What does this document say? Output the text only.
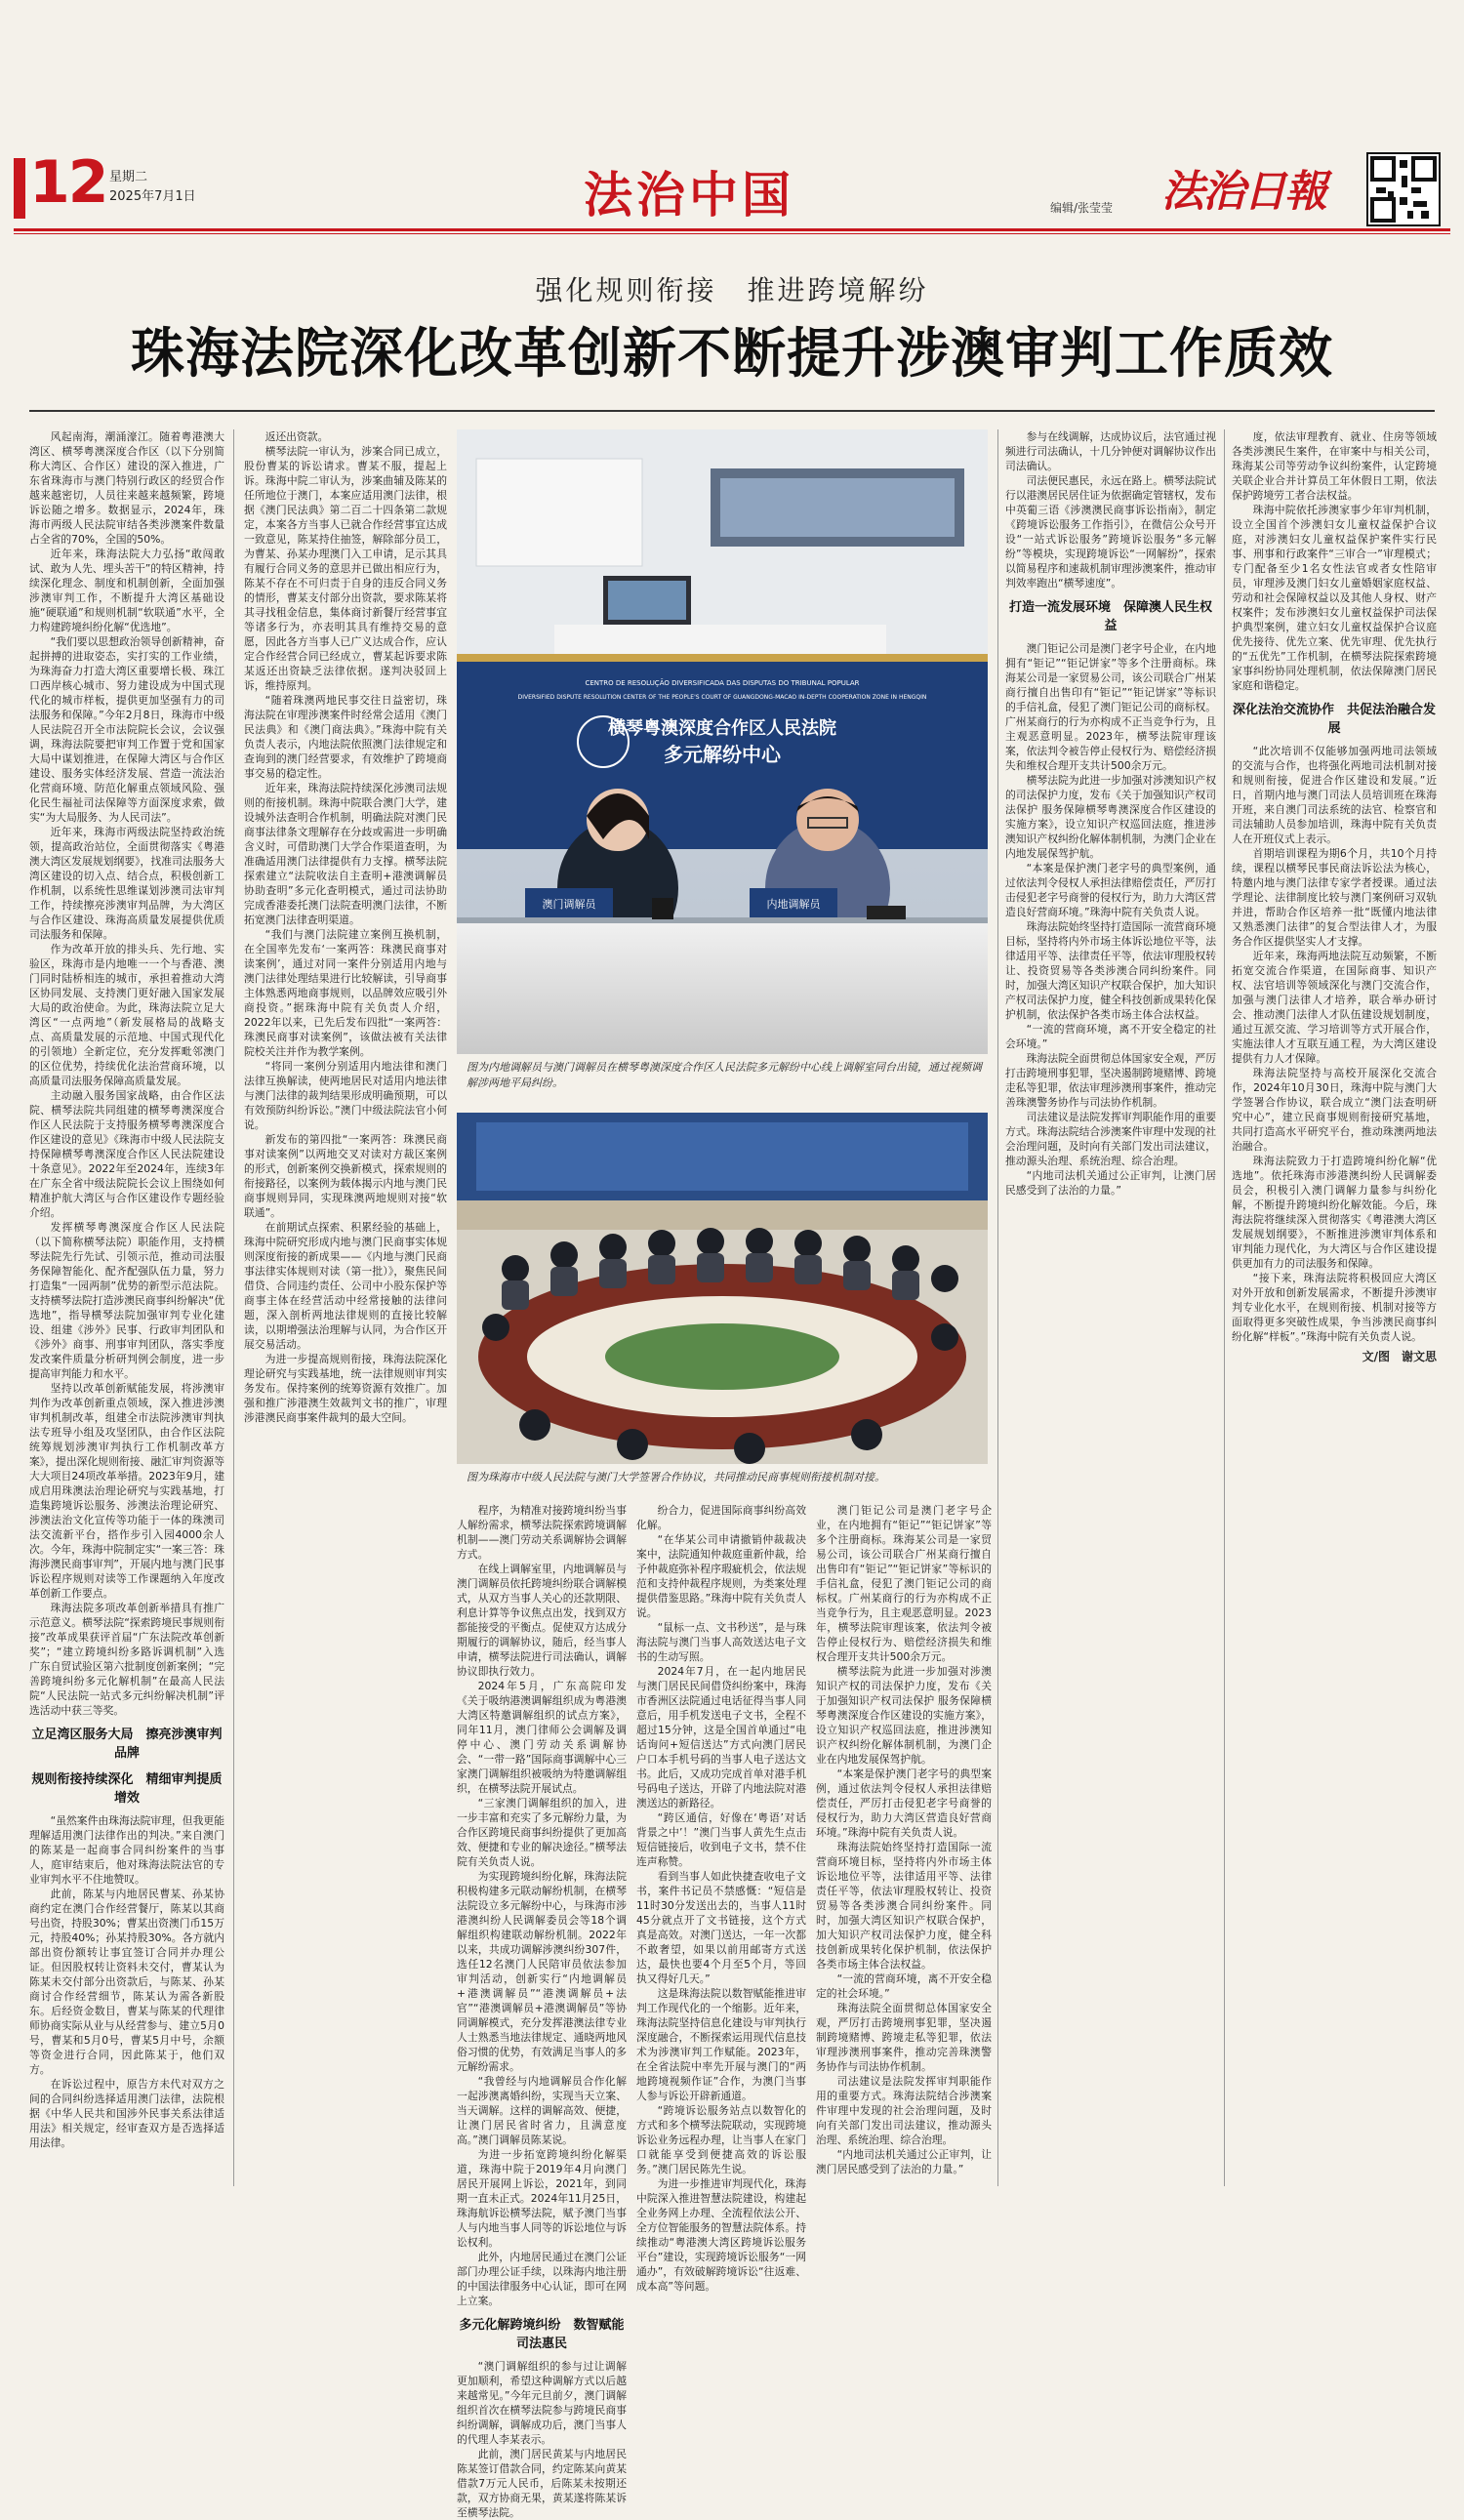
12 星期二
2025年7月1日	法治中国	法治日報
编辑/张莹莹
强化规则衔接　推进跨境解纷
珠海法院深化改革创新不断提升涉澳审判工作质效

风起南海，潮涌濠江。随着粤港澳大湾区、横琴粤澳深度合作区（以下分别简称大湾区、合作区）建设的深入推进，广东省珠海市与澳门特别行政区的经贸合作越来越密切，人员往来越来越频繁，跨境诉讼随之增多。数据显示，2024年，珠海市两级人民法院审结各类涉澳案件数量占全省的70%，全国的50%。

近年来，珠海法院大力弘扬“敢闯敢试、敢为人先、埋头苦干”的特区精神，持续深化理念、制度和机制创新，全面加强涉澳审判工作，不断提升大湾区基础设施“硬联通”和规则机制“软联通”水平，全力构建跨境纠纷化解“优选地”。

“我们要以思想政治领导创新精神，奋起拼搏的进取姿态，实打实的工作业绩，为珠海奋力打造大湾区重要增长极、珠江口西岸核心城市、努力建设成为中国式现代化的城市样板，提供更加坚强有力的司法服务和保障。”今年2月8日，珠海市中级人民法院召开全市法院院长会议，会议强调，珠海法院要把审判工作置于党和国家大局中谋划推进，在保障大湾区与合作区建设、服务实体经济发展、营造一流法治化营商环境、防范化解重点领域风险、强化民生福祉司法保障等方面深度求索，做实“为大局服务、为人民司法”。

近年来，珠海市两级法院坚持政治统领，提高政治站位，全面贯彻落实《粤港澳大湾区发展规划纲要》，找准司法服务大湾区建设的切入点、结合点，积极创新工作机制，以系统性思维谋划涉澳司法审判工作，持续擦亮涉澳审判品牌，为大湾区与合作区建设、珠海高质量发展提供优质司法服务和保障。

作为改革开放的排头兵、先行地、实验区，珠海市是内地唯一一个与香港、澳门同时陆桥相连的城市，承担着推动大湾区协同发展、支持澳门更好融入国家发展大局的政治使命。为此，珠海法院立足大湾区“一点两地”（新发展格局的战略支点、高质量发展的示范地、中国式现代化的引领地）全新定位，充分发挥毗邻澳门的区位优势，持续优化法治营商环境，以高质量司法服务保障高质量发展。

主动融入服务国家战略，由合作区法院、横琴法院共同组建的横琴粤澳深度合作区人民法院于支持服务横琴粤澳深度合作区建设的意见》《珠海市中级人民法院支持保障横琴粤澳深度合作区人民法院建设十条意见》。2022年至2024年，连续3年在广东全省中级法院院长会议上围绕如何精准护航大湾区与合作区建设作专题经验介绍。

发挥横琴粤澳深度合作区人民法院（以下简称横琴法院）职能作用，支持横琴法院先行先试、引领示范，推动司法服务保障智能化、配齐配强队伍力量，努力打造集“一园两制”优势的新型示范法院。支持横琴法院打造涉澳民商事纠纷解决“优选地”，指导横琴法院加强审判专业化建设、组建《涉外》民事、行政审判团队和《涉外》商事、刑事审判团队，落实季度发改案件质量分析研判例会制度，进一步提高审判能力和水平。

坚持以改革创新赋能发展，将涉澳审判作为改革创新重点领域，深入推进涉澳审判机制改革，组建全市法院涉澳审判执法专班导小组及攻坚团队，由合作区法院统筹规划涉澳审判执行工作机制改革方案》，提出深化规则衔接、融汇审判资源等大大项目24项改革举措。2023年9月，建成启用珠澳法治理论研究与实践基地，打造集跨境诉讼服务、涉澳法治理论研究、涉澳法治文化宣传等功能于一体的珠澳司法交流新平台，搭作步引入园4000余人次。今年，珠海中院制定实“一案三答：珠海涉澳民商事审判”，开展内地与澳门民事诉讼程序规则对读等工作课题纳入年度改革创新工作要点。

珠海法院多项改革创新举措具有推广示范意义。横琴法院“探索跨境民事规则衔接”改革成果获评首届“广东法院改革创新奖”；“建立跨境纠纷多路诉调机制”入选广东自贸试验区第六批制度创新案例；“完善跨境纠纷多元化解机制”在最高人民法院“人民法院一站式多元纠纷解决机制”评选活动中获三等奖。

立足湾区服务大局　擦亮涉澳审判品牌
规则衔接持续深化　精细审判提质增效

“虽然案件由珠海法院审理，但我更能理解适用澳门法律作出的判决。”来自澳门的陈某是一起商事合同纠纷案件的当事人，庭审结束后，他对珠海法院法官的专业审判水平不住地赞叹。

此前，陈某与内地居民曹某、孙某协商约定在澳门合作经营餐厅，陈某以其商号出资，持股30%；曹某出资澳门币15万元，持股40%；孙某持股30%。各方就内部出资份额转让事宜签订合同并办理公证。但因股权转让资料未交付，曹某认为陈某未交付部分出资款后，与陈某、孙某商讨合作经营细节，陈某认为需各新股东。后经资金数目，曹某与陈某的代理律师协商实际从业与从经营参与、建立5月0号，曹某和5月0号，曹某5月中号，余额等资金进行合同，因此陈某于，他们双方。

在诉讼过程中，原告方未代对双方之间的合同纠纷选择适用澳门法律，法院根据《中华人民共和国涉外民事关系法律适用法》相关规定，经审查双方是否选择适用法律。

返还出资款。

横琴法院一审认为，涉案合同已成立，股份曹某的诉讼请求。曹某不服，提起上诉。珠海中院二审认为，涉案曲辅及陈某的任所地位于澳门，本案应适用澳门法律，根据《澳门民法典》第二百二十四条第二款规定，本案各方当事人已就合作经营事宜达成一致意见，陈某持住抽签，解除部分员工，为曹某、孙某办理澳门入工申请，足示其具有履行合同义务的意思并已做出相应行为，陈某不存在不可归责于自身的违反合同义务的情形，曹某支付部分出资款，要求陈某将其寻找租金信息，集体商讨新餐厅经营事宜等诸多行为，亦表明其具有维持交易的意愿，因此各方当事人已广义达成合作，应认定合作经营合同已经成立，曹某起诉要求陈某返还出资缺乏法律依据。遂判决驳回上诉，维持原判。

“随着珠澳两地民事交往日益密切，珠海法院在审理涉澳案件时经常会适用《澳门民法典》和《澳门商法典》。”珠海中院有关负责人表示，内地法院依照澳门法律规定和查询到的澳门经营要求，有效维护了跨境商事交易的稳定性。

近年来，珠海法院持续深化涉澳司法规则的衔接机制。珠海中院联合澳门大学，建设城外法查明合作机制，明确法院对澳门民商事法律条文理解存在分歧或需进一步明确含义时，可借助澳门大学合作渠道查明，为准确适用澳门法律提供有力支撑。横琴法院探索建立“法院收法自主查明+港澳调解员协助查明”多元化查明模式，通过司法协助完成香港委托澳门法院查明澳门法律，不断拓宽澳门法律查明渠道。

“我们与澳门法院建立案例互换机制，在全国率先发布‘一案两答：珠澳民商事对读案例’，通过对同一案件分别适用内地与澳门法律处理结果进行比较解读，引导商事主体熟悉两地商事规则，以品牌效应吸引外商投资。”据珠海中院有关负责人介绍，2022年以来，已先后发布四批“一案两答：珠澳民商事对读案例”，该做法被有关法律院校关注并作为教学案例。

“将同一案例分别适用内地法律和澳门法律互换解读，使两地居民对适用内地法律与澳门法律的裁判结果形成明确预期，可以有效预防纠纷诉讼。”澳门中级法院法官小何说。

新发布的第四批“一案两答：珠澳民商事对读案例”以两地交叉对读对方裁区案例的形式，创新案例交换新模式，探索规则的衔接路径，以案例为载体揭示内地与澳门民商事规则异同，实现珠澳两地规则对接“软联通”。

在前期试点探索、积累经验的基础上，珠海中院研究形成内地与澳门民商事实体规则深度衔接的新成果——《内地与澳门民商事法律实体规则对读（第一批）》，聚焦民间借贷、合同违约责任、公司中小股东保护等商事主体在经营活动中经常接触的法律问题，深入剖析两地法律规则的直接比较解读，以期增强法治理解与认同，为合作区开展交易活动。

为进一步提高规则衔接，珠海法院深化理论研究与实践基地，统一法律规则审判实务发布。保持案例的统筹资源有效推广。加强和推广涉港澳生效裁判文书的推广，审理涉港澳民商事案件裁判的最大空间。

CENTRO DE RESOLUÇÃO DIVERSIFICADA DAS DISPUTAS DO TRIBUNAL POPULAR
DIVERSIFIED DISPUTE RESOLUTION CENTER OF THE PEOPLE'S COURT OF GUANGDONG-MACAO IN-DEPTH COOPERATION ZONE IN HENGQIN
横琴粤澳深度合作区人民法院
多元解纷中心
澳门调解员	内地调解员
图为内地调解员与澳门调解员在横琴粤澳深度合作区人民法院多元解纷中心线上调解室同台出镜，通过视频调解涉两地平局纠纷。
图为珠海市中级人民法院与澳门大学签署合作协议，共同推动民商事规则衔接机制对接。

程序，为精准对接跨境纠纷当事人解纷需求，横琴法院探索跨境调解机制——澳门劳动关系调解协会调解方式。

在线上调解室里，内地调解员与澳门调解员依托跨境纠纷联合调解模式，从双方当事人关心的还款期限、利息计算等争议焦点出发，找到双方都能接受的平衡点。促使双方达成分期履行的调解协议，随后，经当事人申请，横琴法院进行司法确认，调解协议即执行效力。

2024年5月，广东高院印发《关于吸纳港澳调解组织成为粤港澳大湾区特邀调解组织的试点方案》，同年11月，澳门律师公会调解及调停中心、澳门劳动关系调解协会、“一带一路”国际商事调解中心三家澳门调解组织被吸纳为特邀调解组织，在横琴法院开展试点。

“三家澳门调解组织的加入，进一步丰富和充实了多元解纷力量，为合作区跨境民商事纠纷提供了更加高效、便捷和专业的解决途径。”横琴法院有关负责人说。

为实现跨境纠纷化解，珠海法院积极构建多元联动解纷机制，在横琴法院设立多元解纷中心，与珠海市涉港澳纠纷人民调解委员会等18个调解组织构建联动解纷机制。2022年以来，共成功调解涉澳纠纷307件，选任12名澳门人民陪审员依法参加审判活动，创新实行“内地调解员+港澳调解员”“港澳调解员+法官”“港澳调解员+港澳调解员”等协同调解模式，充分发挥港澳法律专业人士熟悉当地法律规定、通晓两地风俗习惯的优势，有效满足当事人的多元解纷需求。

“我曾经与内地调解员合作化解一起涉澳离婚纠纷，实现当天立案、当天调解。这样的调解高效、便捷，让澳门居民省时省力，且满意度高。”澳门调解员陈某说。

为进一步拓宽跨境纠纷化解渠道，珠海中院于2019年4月向澳门居民开展网上诉讼，2021年，到同期一直未正式。2024年11月25日，珠海航诉讼横琴法院，赋予澳门当事人与内地当事人同等的诉讼地位与诉讼权利。

此外，内地居民通过在澳门公证部门办理公证手续，以珠海内地注册的中国法律服务中心认证，即可在网上立案。

多元化解跨境纠纷　数智赋能司法惠民

“澳门调解组织的参与过让调解更加顺利，希望这种调解方式以后越来越常见。”今年元旦前夕，澳门调解组织首次在横琴法院参与跨境民商事纠纷调解，调解成功后，澳门当事人的代理人李某表示。

此前，澳门居民黄某与内地居民陈某签订借款合同，约定陈某向黄某借款7万元人民币，后陈某未按期还款，双方协商无果，黄某遂将陈某诉至横琴法院。

纷合力，促进国际商事纠纷高效化解。

“在华某公司申请撤销仲裁裁决案中，法院通知仲裁庭重新仲裁，给予仲裁庭弥补程序瑕疵机会，依法规范和支持仲裁程序规则，为类案处理提供借鉴思路。”珠海中院有关负责人说。

“鼠标一点、文书秒送”，是与珠海法院与澳门当事人高效送达电子文书的生动写照。

2024年7月，在一起内地居民与澳门居民民间借贷纠纷案中，珠海市香洲区法院通过电话征得当事人同意后，用手机发送电子文书，全程不超过15分钟，这是全国首单通过“电话询问+短信送达”方式向澳门居民户口本手机号码的当事人电子送达文书。此后，又成功完成首单对港手机号码电子送达，开辟了内地法院对港澳送达的新路径。

“跨区通信，好像在‘粤语’对话背景之中’！”澳门当事人黄先生点击短信链接后，收到电子文书，禁不住连声称赞。

看到当事人如此快捷查收电子文书，案件书记员不禁感慨：“短信是11时30分发送出去的，当事人11时45分就点开了文书链接，这个方式真是高效。对澳门送达，一年一次都不敢奢望，如果以前用邮寄方式送达，最快也要4个月至5个月，等回执又得好几天。”

这是珠海法院以数智赋能推进审判工作现代化的一个缩影。近年来，珠海法院坚持信息化建设与审判执行深度融合，不断探索运用现代信息技术为涉澳审判工作赋能。2023年，在全省法院中率先开展与澳门的“两地跨境视频作证”合作，为澳门当事人参与诉讼开辟新通道。

“跨境诉讼服务站点以数智化的方式和多个横琴法院联动，实现跨境诉讼业务远程办理，让当事人在家门口就能享受到便捷高效的诉讼服务。”澳门居民陈先生说。

为进一步推进审判现代化，珠海中院深入推进智慧法院建设，构建起全业务网上办理、全流程依法公开、全方位智能服务的智慧法院体系。持续推动“粤港澳大湾区跨境诉讼服务平台”建设，实现跨境诉讼服务“一网通办”，有效破解跨境诉讼“往返难、成本高”等问题。

参与在线调解，达成协议后，法官通过视频进行司法确认，十几分钟便对调解协议作出司法确认。

司法便民惠民，永远在路上。横琴法院试行以港澳居民居住证为依据确定管辖权，发布中英葡三语《涉澳澳民商事诉讼指南》，制定《跨境诉讼服务工作指引》，在微信公众号开设“一站式诉讼服务”跨境诉讼服务“多元解纷”等模块，实现跨境诉讼“一网解纷”，探索以简易程序和速裁机制审理涉澳案件，推动审判效率跑出“横琴速度”。

打造一流发展环境　保障澳人民生权益

澳门钜记公司是澳门老字号企业，在内地拥有“钜记”“钜记饼家”等多个注册商标。珠海某公司是一家贸易公司，该公司联合广州某商行擅自出售印有“钜记”“钜记饼家”等标识的手信礼盒，侵犯了澳门钜记公司的商标权。广州某商行的行为亦构成不正当竞争行为，且主观恶意明显。2023年，横琴法院审理该案，依法判令被告停止侵权行为、赔偿经济损失和维权合理开支共计500余万元。

横琴法院为此进一步加强对涉澳知识产权的司法保护力度，发布《关于加强知识产权司法保护 服务保障横琴粤澳深度合作区建设的实施方案》，设立知识产权巡回法庭，推进涉澳知识产权纠纷化解体制机制，为澳门企业在内地发展保驾护航。

“本案是保护澳门老字号的典型案例，通过依法判令侵权人承担法律赔偿责任，严厉打击侵犯老字号商誉的侵权行为，助力大湾区营造良好营商环境。”珠海中院有关负责人说。

珠海法院始终坚持打造国际一流营商环境目标，坚持将内外市场主体诉讼地位平等，法律适用平等、法律责任平等，依法审理股权转让、投资贸易等各类涉澳合同纠纷案件。同时，加强大湾区知识产权联合保护，加大知识产权司法保护力度，健全科技创新成果转化保护机制，依法保护各类市场主体合法权益。

“一流的营商环境，离不开安全稳定的社会环境。”

珠海法院全面贯彻总体国家安全观，严厉打击跨境刑事犯罪，坚决遏制跨境赌博、跨境走私等犯罪，依法审理涉澳刑事案件，推动完善珠澳警务协作与司法协作机制。

司法建议是法院发挥审判职能作用的重要方式。珠海法院结合涉澳案件审理中发现的社会治理问题，及时向有关部门发出司法建议，推动源头治理、系统治理、综合治理。

“内地司法机关通过公正审判，让澳门居民感受到了法治的力量。”

澳门钜记公司是澳门老字号企业，在内地拥有“钜记”“钜记饼家”等多个注册商标。珠海某公司是一家贸易公司，该公司联合广州某商行擅自出售印有“钜记”“钜记饼家”等标识的手信礼盒，侵犯了澳门钜记公司的商标权。广州某商行的行为亦构成不正当竞争行为，且主观恶意明显。2023年，横琴法院审理该案，依法判令被告停止侵权行为、赔偿经济损失和维权合理开支共计500余万元。

横琴法院为此进一步加强对涉澳知识产权的司法保护力度，发布《关于加强知识产权司法保护 服务保障横琴粤澳深度合作区建设的实施方案》，设立知识产权巡回法庭，推进涉澳知识产权纠纷化解体制机制，为澳门企业在内地发展保驾护航。

“本案是保护澳门老字号的典型案例，通过依法判令侵权人承担法律赔偿责任，严厉打击侵犯老字号商誉的侵权行为，助力大湾区营造良好营商环境。”珠海中院有关负责人说。

珠海法院始终坚持打造国际一流营商环境目标，坚持将内外市场主体诉讼地位平等，法律适用平等、法律责任平等，依法审理股权转让、投资贸易等各类涉澳合同纠纷案件。同时，加强大湾区知识产权联合保护，加大知识产权司法保护力度，健全科技创新成果转化保护机制，依法保护各类市场主体合法权益。

“一流的营商环境，离不开安全稳定的社会环境。”

珠海法院全面贯彻总体国家安全观，严厉打击跨境刑事犯罪，坚决遏制跨境赌博、跨境走私等犯罪，依法审理涉澳刑事案件，推动完善珠澳警务协作与司法协作机制。

司法建议是法院发挥审判职能作用的重要方式。珠海法院结合涉澳案件审理中发现的社会治理问题，及时向有关部门发出司法建议，推动源头治理、系统治理、综合治理。

“内地司法机关通过公正审判，让澳门居民感受到了法治的力量。”

度，依法审理教育、就业、住房等领域各类涉澳民生案件，在审案中与相关公司，珠海某公司等劳动争议纠纷案件，认定跨境关联企业合并计算员工年休假日工期，依法保护跨境劳工者合法权益。

珠海中院依托涉澳家事少年审判机制，设立全国首个涉澳妇女儿童权益保护合议庭，对涉澳妇女儿童权益保护案件实行民事、刑事和行政案件“三审合一”审理模式；专门配备至少1名女性法官或者女性陪审员，审理涉及澳门妇女儿童婚姻家庭权益、劳动和社会保障权益以及其他人身权、财产权案件；发布涉澳妇女儿童权益保护司法保护典型案例，建立妇女儿童权益保护合议庭优先接待、优先立案、优先审理、优先执行的“五优先”工作机制，在横琴法院探索跨境家事纠纷协同处理机制，依法保障澳门居民家庭和谐稳定。

深化法治交流协作　共促法治融合发展

“此次培训不仅能够加强两地司法领域的交流与合作，也将强化两地司法机制对接和规则衔接，促进合作区建设和发展。”近日，首期内地与澳门司法人员培训班在珠海开班，来自澳门司法系统的法官、检察官和司法辅助人员参加培训，珠海中院有关负责人在开班仪式上表示。

首期培训课程为期6个月，共10个月持续，课程以横琴民事民商法诉讼法为核心，特邀内地与澳门法律专家学者授课。通过法学理论、法律制度比较与澳门案例研习双轨并进，帮助合作区培养一批“既懂内地法律又熟悉澳门法律”的复合型法律人才，为服务合作区提供坚实人才支撑。

近年来，珠海两地法院互动频繁，不断拓宽交流合作渠道，在国际商事、知识产权、法官培训等领域深化与澳门交流合作，加强与澳门法律人才培养，联合举办研讨会、推动澳门法律人才队伍建设规划制度，通过互派交流、学习培训等方式开展合作，实施法律人才互联互通工程，为大湾区建设提供有力人才保障。

珠海法院坚持与高校开展深化交流合作，2024年10月30日，珠海中院与澳门大学签署合作协议，联合成立“澳门法查明研究中心”，建立民商事规则衔接研究基地，共同打造高水平研究平台，推动珠澳两地法治融合。

珠海法院致力于打造跨境纠纷化解“优选地”。依托珠海市涉港澳纠纷人民调解委员会，积极引入澳门调解力量参与纠纷化解，不断提升跨境纠纷化解效能。今后，珠海法院将继续深入贯彻落实《粤港澳大湾区发展规划纲要》，不断推进涉澳审判体系和审判能力现代化，为大湾区与合作区建设提供更加有力的司法服务和保障。

“接下来，珠海法院将积极回应大湾区对外开放和创新发展需求，不断提升涉澳审判专业化水平，在规则衔接、机制对接等方面取得更多突破性成果，争当涉澳民商事纠纷化解“样板”。”珠海中院有关负责人说。

文/图　谢文思
